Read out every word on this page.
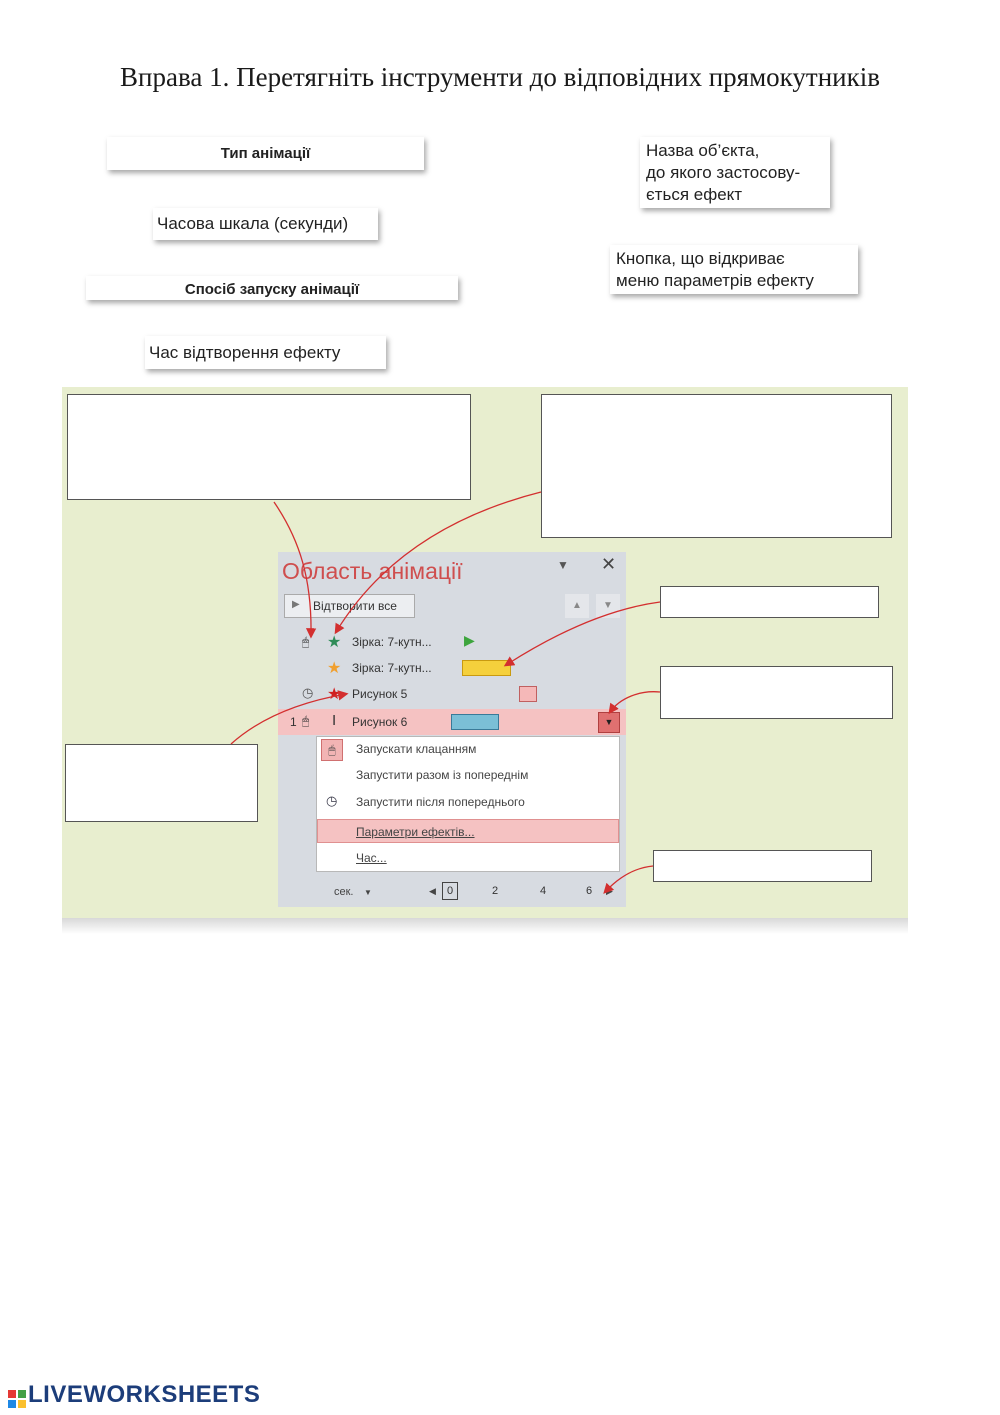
Вправа 1. Перетягніть інструменти до відповідних прямокутників
Тип анімації
Часова шкала (секунди)
Спосіб запуску анімації
Час відтворення ефекту
Назва об’єкта,
до якого застосову-
ється ефект
Кнопка, що відкриває
меню параметрів ефекту
Область анімації	▼ ✕
▶ Відтворити все	▲	▼
🖱 ★ Зірка: 7-кутн... ▶
★ Зірка: 7-кутн...
◷ ★ Рисунок 5
1 🖱 I Рисунок 6	▼
сек. ▼	◀	0	2	4	6 ▶
🖱	Запускати клацанням
Запустити разом із попереднім
◷ Запустити після попереднього
Параметри ефектів...
Час...
LIVEWORKSHEETS
